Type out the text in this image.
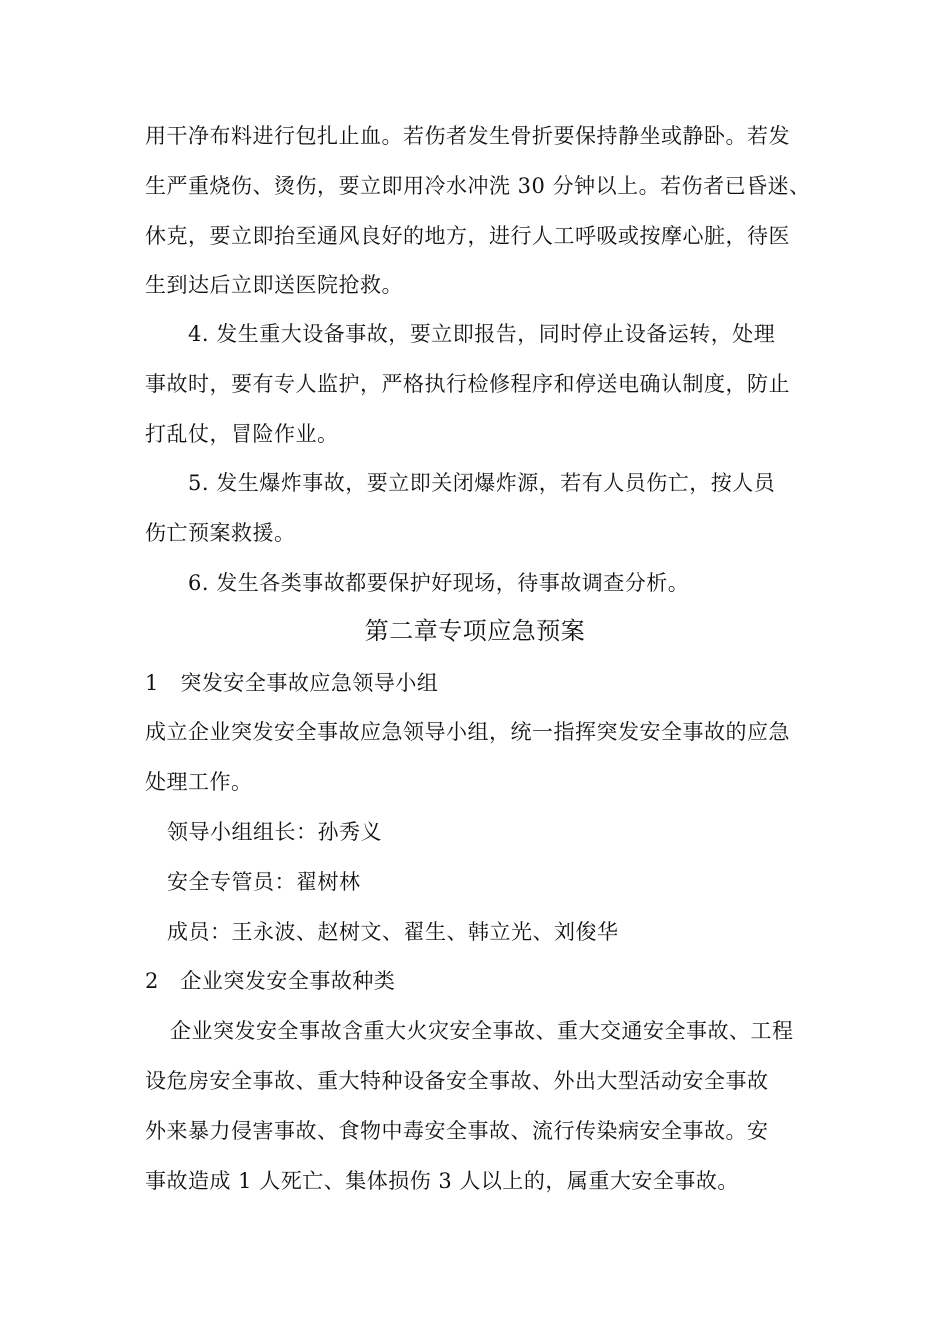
用干净布料进行包扎止血。若伤者发生骨折要保持静坐或静卧。若发
生严重烧伤、烫伤，要立即用冷水冲洗 30 分钟以上。若伤者已昏迷、
休克，要立即抬至通风良好的地方，进行人工呼吸或按摩心脏，待医
生到达后立即送医院抢救。
4. 发生重大设备事故，要立即报告，同时停止设备运转，处理
事故时，要有专人监护，严格执行检修程序和停送电确认制度，防止
打乱仗，冒险作业。
5. 发生爆炸事故，要立即关闭爆炸源，若有人员伤亡，按人员
伤亡预案救援。
6. 发生各类事故都要保护好现场，待事故调查分析。
第二章专项应急预案
1　突发安全事故应急领导小组
成立企业突发安全事故应急领导小组，统一指挥突发安全事故的应急
处理工作。
领导小组组长：孙秀义
安全专管员：翟树林
成员：王永波、赵树文、翟生、韩立光、刘俊华
2　企业突发安全事故种类
企业突发安全事故含重大火灾安全事故、重大交通安全事故、工程
设危房安全事故、重大特种设备安全事故、外出大型活动安全事故
外来暴力侵害事故、食物中毒安全事故、流行传染病安全事故。安
事故造成 1 人死亡、集体损伤 3 人以上的，属重大安全事故。
